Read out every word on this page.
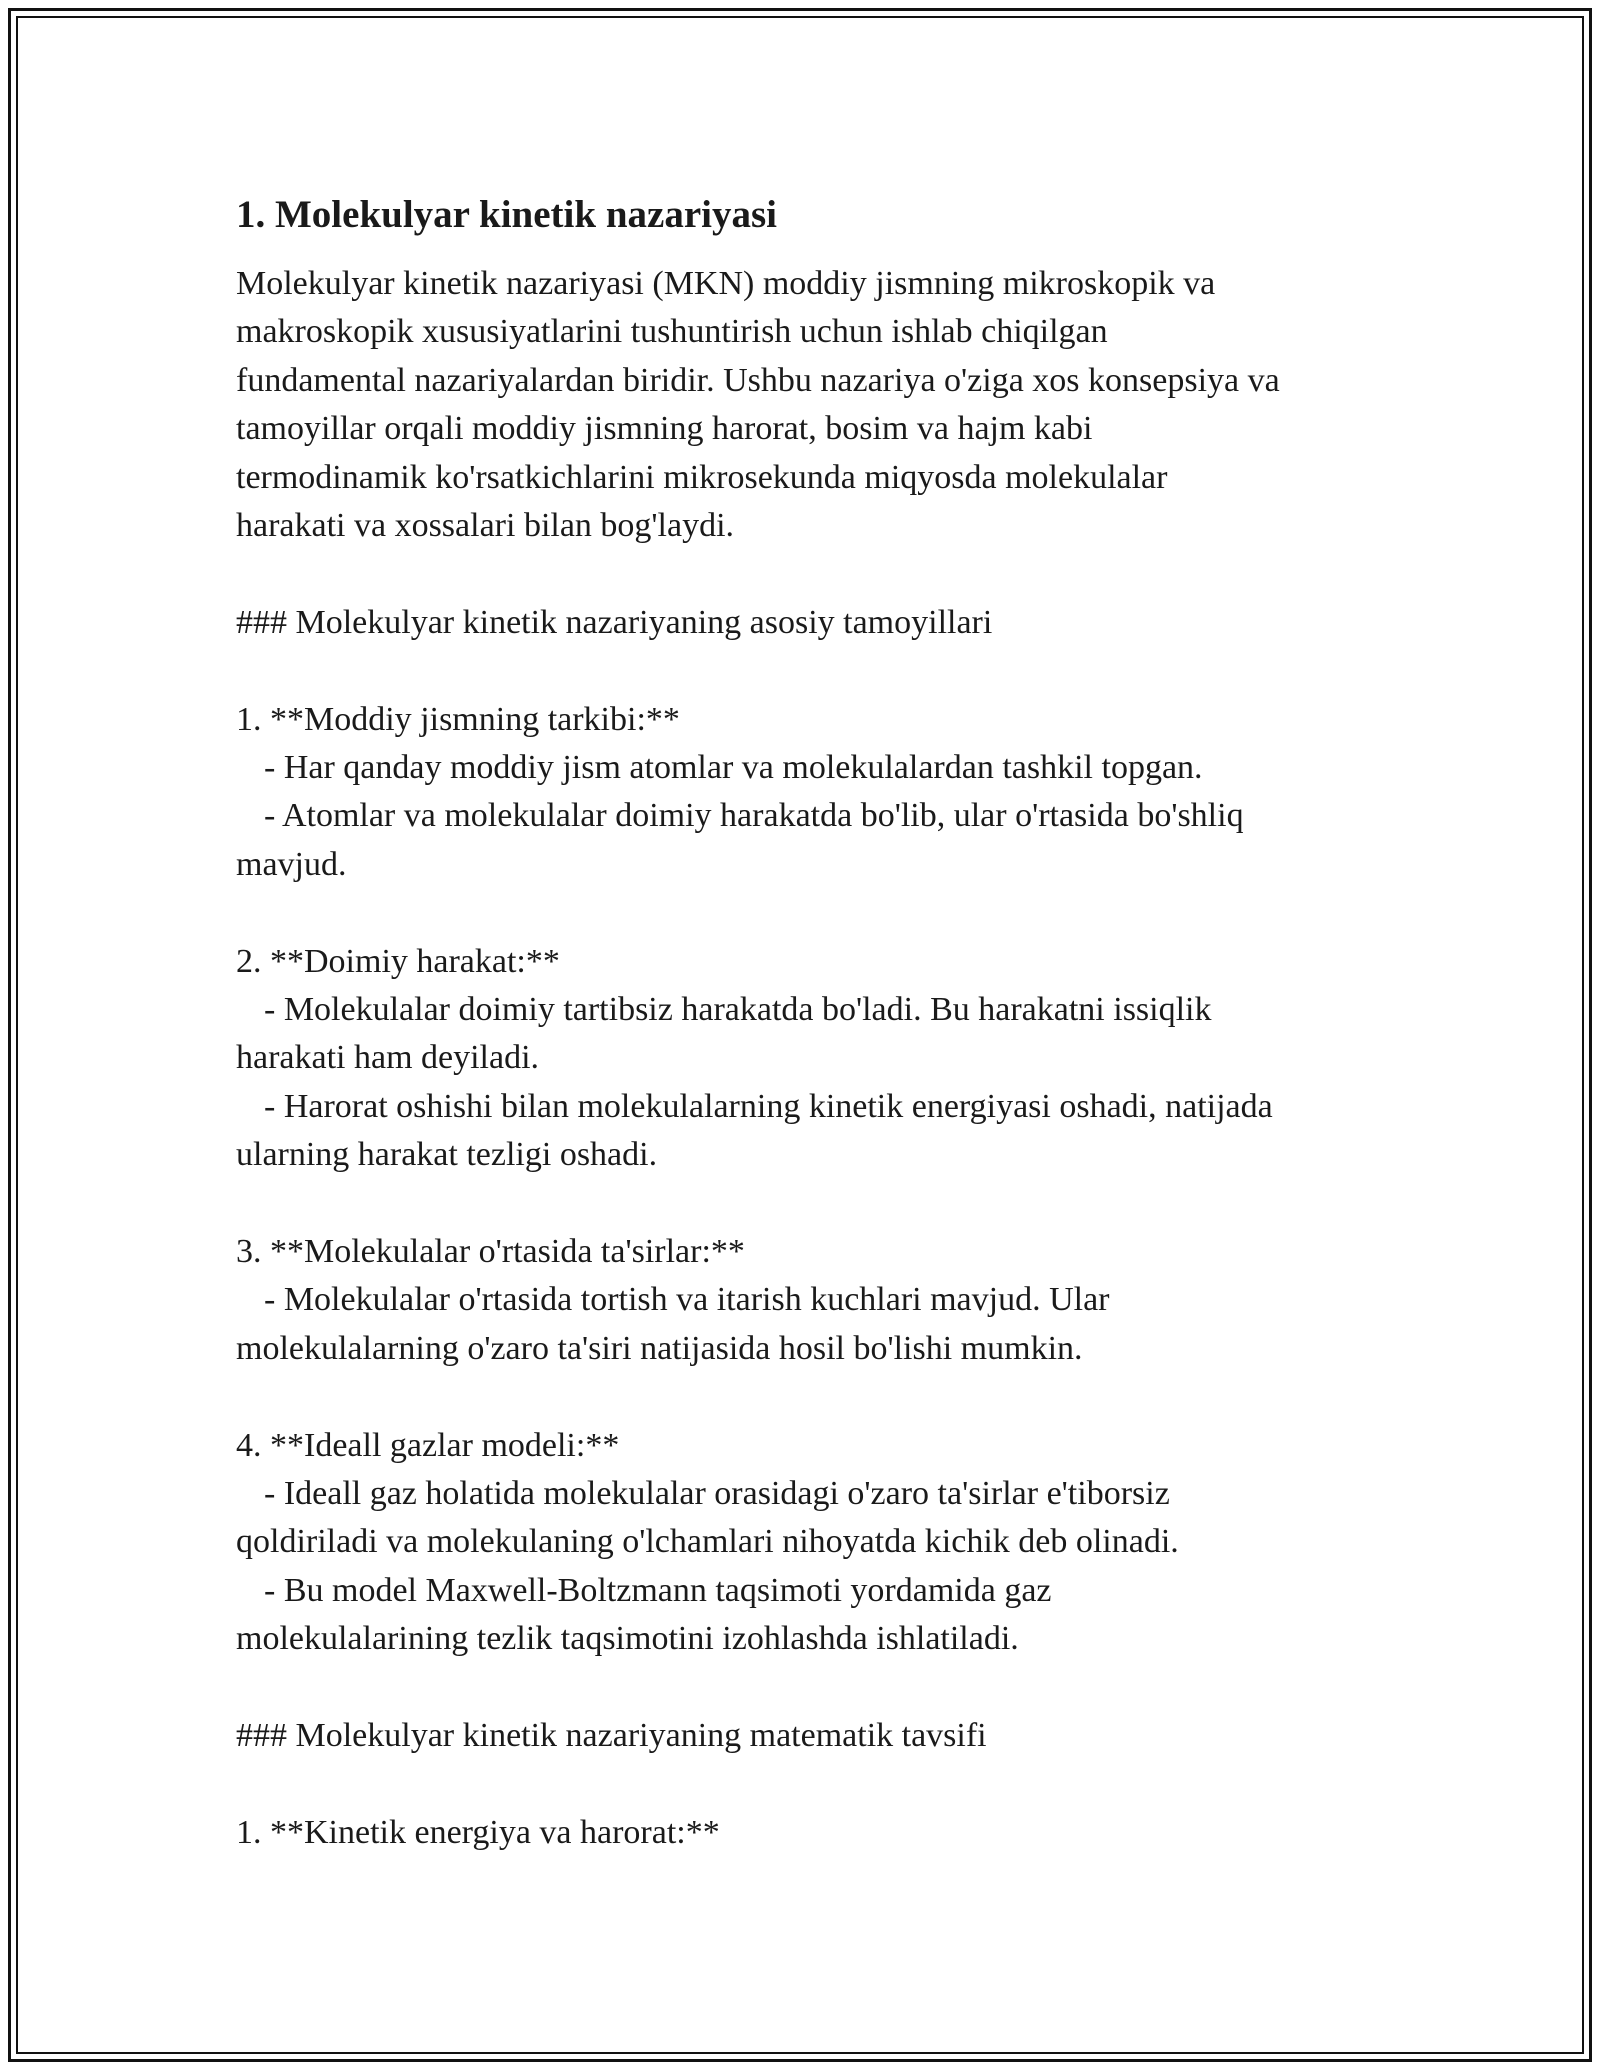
1. Molekulyar kinetik nazariyasi
Molekulyar kinetik nazariyasi (MKN) moddiy jismning mikroskopik va
makroskopik xususiyatlarini tushuntirish uchun ishlab chiqilgan
fundamental nazariyalardan biridir. Ushbu nazariya o'ziga xos konsepsiya va
tamoyillar orqali moddiy jismning harorat, bosim va hajm kabi
termodinamik ko'rsatkichlarini mikrosekunda miqyosda molekulalar
harakati va xossalari bilan bog'laydi.
### Molekulyar kinetik nazariyaning asosiy tamoyillari
1. **Moddiy jismning tarkibi:**
- Har qanday moddiy jism atomlar va molekulalardan tashkil topgan.
- Atomlar va molekulalar doimiy harakatda bo'lib, ular o'rtasida bo'shliq
mavjud.
2. **Doimiy harakat:**
- Molekulalar doimiy tartibsiz harakatda bo'ladi. Bu harakatni issiqlik
harakati ham deyiladi.
- Harorat oshishi bilan molekulalarning kinetik energiyasi oshadi, natijada
ularning harakat tezligi oshadi.
3. **Molekulalar o'rtasida ta'sirlar:**
- Molekulalar o'rtasida tortish va itarish kuchlari mavjud. Ular
molekulalarning o'zaro ta'siri natijasida hosil bo'lishi mumkin.
4. **Ideall gazlar modeli:**
- Ideall gaz holatida molekulalar orasidagi o'zaro ta'sirlar e'tiborsiz
qoldiriladi va molekulaning o'lchamlari nihoyatda kichik deb olinadi.
- Bu model Maxwell-Boltzmann taqsimoti yordamida gaz
molekulalarining tezlik taqsimotini izohlashda ishlatiladi.
### Molekulyar kinetik nazariyaning matematik tavsifi
1. **Kinetik energiya va harorat:**
